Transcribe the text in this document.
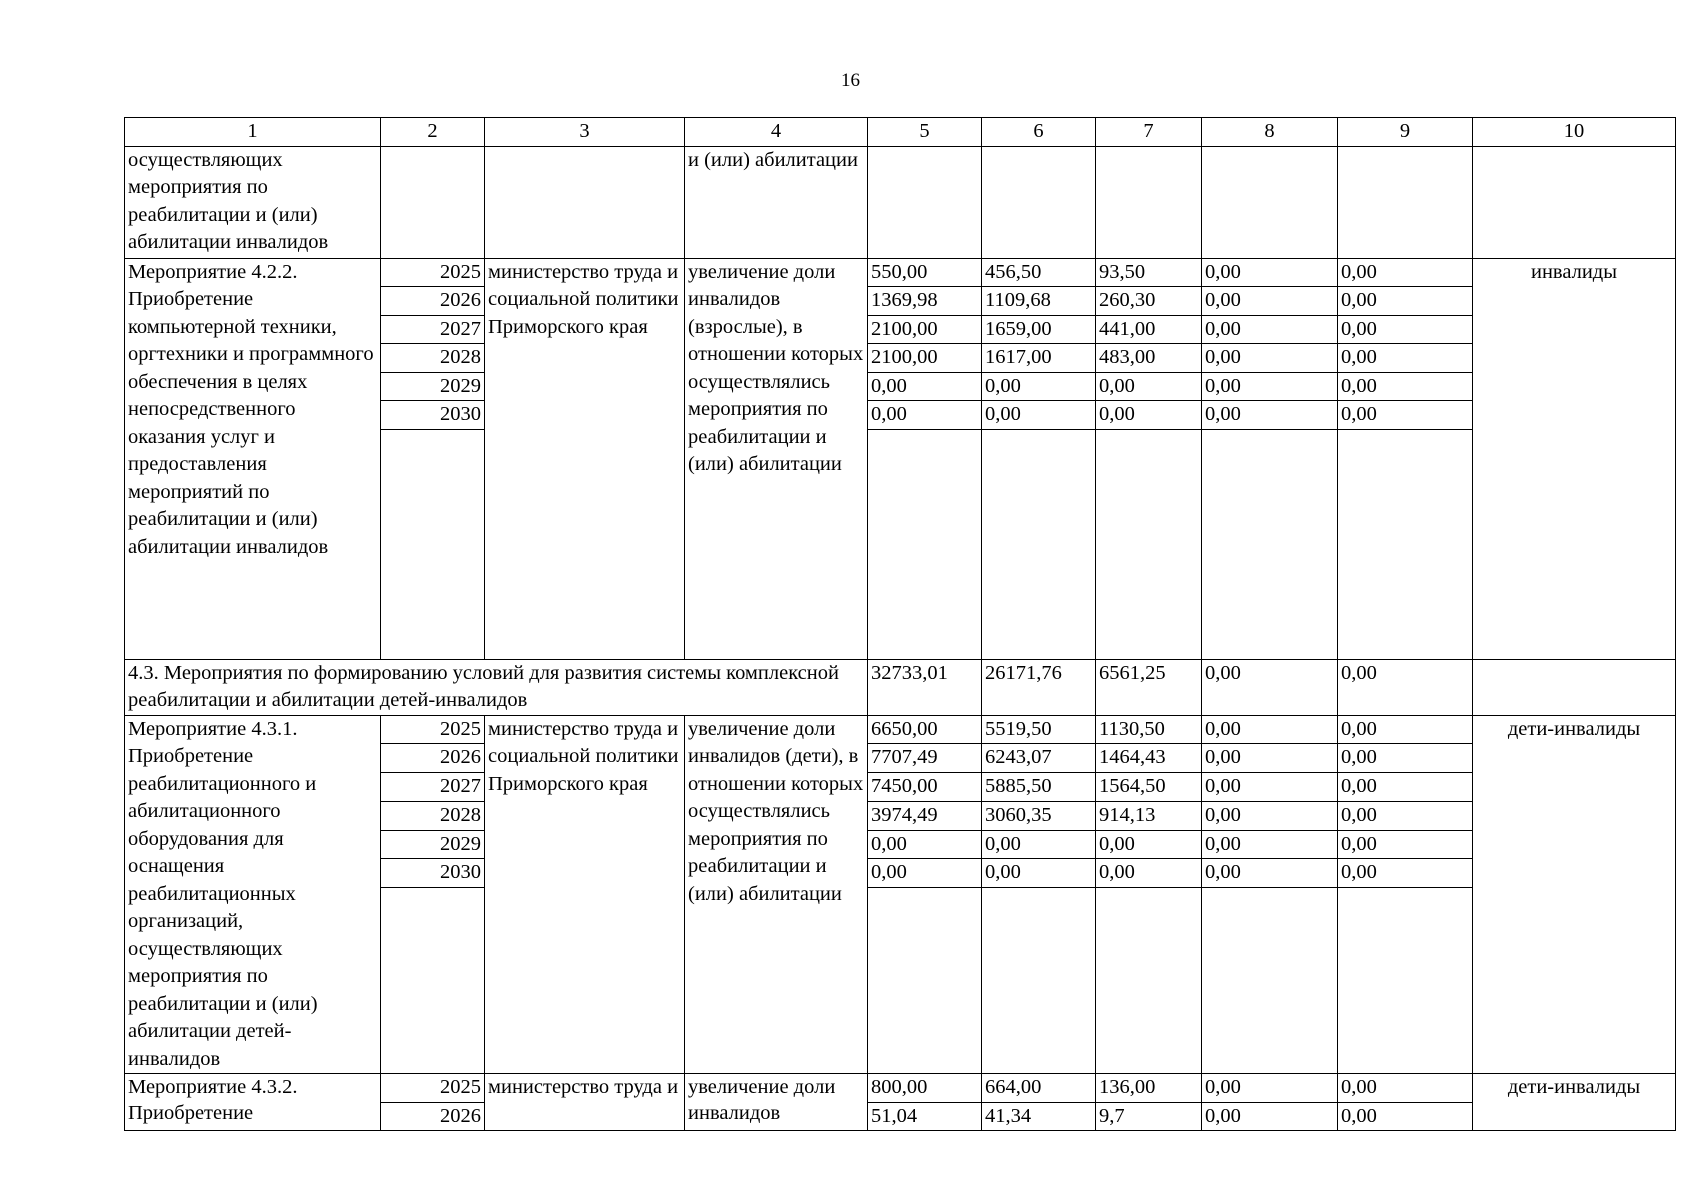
16
1	2	3	4	5	6	7	8	9	10
осуществляющих мероприятия по реабилитации и (или) абилитации инвалидов			и (или) абилитации						
Мероприятие 4.2.2. Приобретение компьютерной техники, оргтехники и программного обеспечения в целях непосредственного оказания услуг и предоставления мероприятий по реабилитации и (или) абилитации инвалидов	2025	министерство труда и социальной политики Приморского края	увеличение доли инвалидов (взрослые), в отношении которых осуществлялись мероприятия по реабилитации и (или) абилитации	550,00	456,50	93,50	0,00	0,00	инвалиды
	2026			1369,98	1109,68	260,30	0,00	0,00	
	2027			2100,00	1659,00	441,00	0,00	0,00	
	2028			2100,00	1617,00	483,00	0,00	0,00	
	2029			0,00	0,00	0,00	0,00	0,00	
	2030			0,00	0,00	0,00	0,00	0,00	

4.3. Мероприятия по формированию условий для развития системы комплексной реабилитации и абилитации детей-инвалидов				32733,01	26171,76	6561,25	0,00	0,00	
Мероприятие 4.3.1. Приобретение реабилитационного и абилитационного оборудования для оснащения реабилитационных организаций, осуществляющих мероприятия по реабилитации и (или) абилитации детей-инвалидов	2025	министерство труда и социальной политики Приморского края	увеличение доли инвалидов (дети), в отношении которых осуществлялись мероприятия по реабилитации и (или) абилитации	6650,00	5519,50	1130,50	0,00	0,00	дети-инвалиды
	2026			7707,49	6243,07	1464,43	0,00	0,00	
	2027			7450,00	5885,50	1564,50	0,00	0,00	
	2028			3974,49	3060,35	914,13	0,00	0,00	
	2029			0,00	0,00	0,00	0,00	0,00	
	2030			0,00	0,00	0,00	0,00	0,00	

Мероприятие 4.3.2. Приобретение	2025	министерство труда и	увеличение доли инвалидов	800,00	664,00	136,00	0,00	0,00	дети-инвалиды
	2026			51,04	41,34	9,7	0,00	0,00	
